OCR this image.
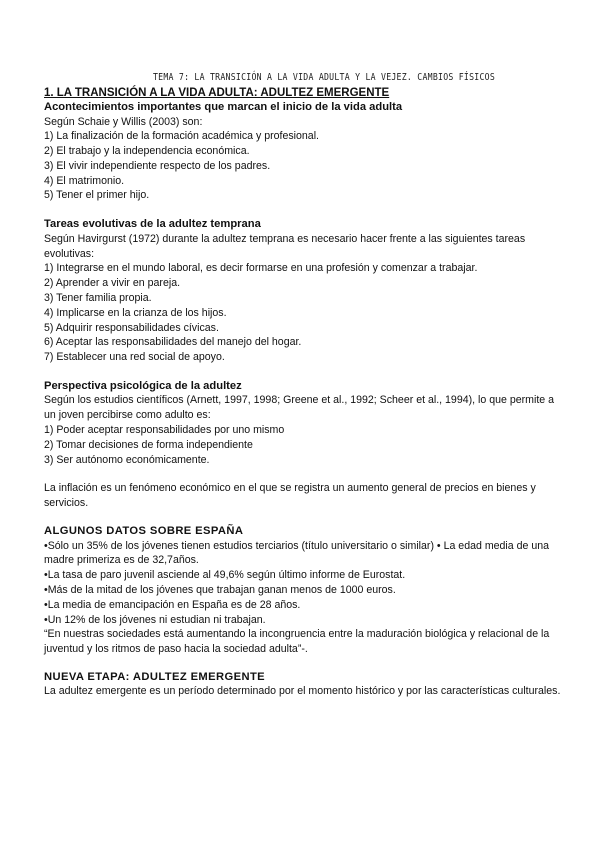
TEMA 7: LA TRANSICIÓN A LA VIDA ADULTA Y LA VEJEZ. CAMBIOS FÍSICOS
1. LA TRANSICIÓN A LA VIDA ADULTA: ADULTEZ EMERGENTE
Acontecimientos importantes que marcan el inicio de la vida adulta
Según Schaie y Willis (2003) son:
1) La finalización de la formación académica y profesional.
2) El trabajo y la independencia económica.
3) El vivir independiente respecto de los padres.
4) El matrimonio.
5) Tener el primer hijo.
Tareas evolutivas de la adultez temprana
Según Havirgurst (1972) durante la adultez temprana es necesario hacer frente a las siguientes tareas evolutivas:
1) Integrarse en el mundo laboral, es decir formarse en una profesión y comenzar a trabajar.
2) Aprender a vivir en pareja.
3) Tener familia propia.
4) Implicarse en la crianza de los hijos.
5) Adquirir responsabilidades cívicas.
6) Aceptar las responsabilidades del manejo del hogar.
7) Establecer una red social de apoyo.
Perspectiva psicológica de la adultez
Según los estudios científicos (Arnett, 1997, 1998; Greene et al., 1992; Scheer et al., 1994), lo que permite a un joven percibirse como adulto es:
1) Poder aceptar responsabilidades por uno mismo
2) Tomar decisiones de forma independiente
3) Ser autónomo económicamente.
La inflación es un fenómeno económico en el que se registra un aumento general de precios en bienes y servicios.
ALGUNOS DATOS SOBRE ESPAÑA
•Sólo un 35% de los jóvenes tienen estudios terciarios (título universitario o similar) • La edad media de una madre primeriza es de 32,7años.
•La tasa de paro juvenil asciende al 49,6% según último informe de Eurostat.
•Más de la mitad de los jóvenes que trabajan ganan menos de 1000 euros.
•La media de emancipación en España es de 28 años.
•Un 12% de los jóvenes ni estudian ni trabajan.
“En nuestras sociedades está aumentando la incongruencia entre la maduración biológica y relacional de la juventud y los ritmos de paso hacia la sociedad adulta”-.
NUEVA ETAPA: ADULTEZ EMERGENTE
La adultez emergente es un período determinado por el momento histórico y por las características culturales.
